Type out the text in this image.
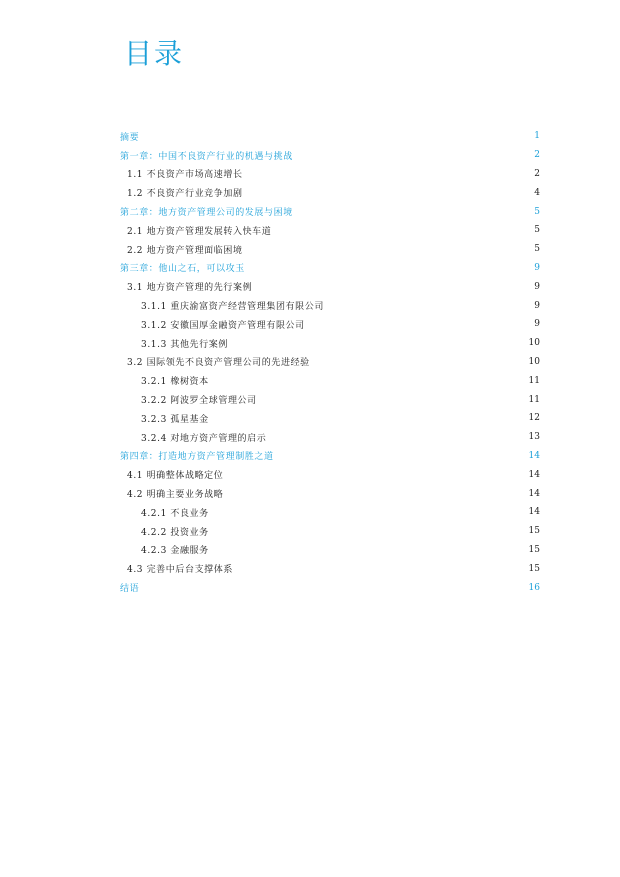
目录
摘要	1
第一章：中国不良资产行业的机遇与挑战	2
1.1 不良资产市场高速增长	2
1.2 不良资产行业竞争加剧	4
第二章：地方资产管理公司的发展与困境	5
2.1 地方资产管理发展转入快车道	5
2.2 地方资产管理面临困境	5
第三章：他山之石，可以攻玉	9
3.1 地方资产管理的先行案例	9
3.1.1 重庆渝富资产经营管理集团有限公司	9
3.1.2 安徽国厚金融资产管理有限公司	9
3.1.3 其他先行案例	10
3.2 国际领先不良资产管理公司的先进经验	10
3.2.1 橡树资本	11
3.2.2 阿波罗全球管理公司	11
3.2.3 孤星基金	12
3.2.4 对地方资产管理的启示	13
第四章：打造地方资产管理制胜之道	14
4.1 明确整体战略定位	14
4.2 明确主要业务战略	14
4.2.1 不良业务	14
4.2.2 投资业务	15
4.2.3 金融服务	15
4.3 完善中后台支撑体系	15
结语	16
